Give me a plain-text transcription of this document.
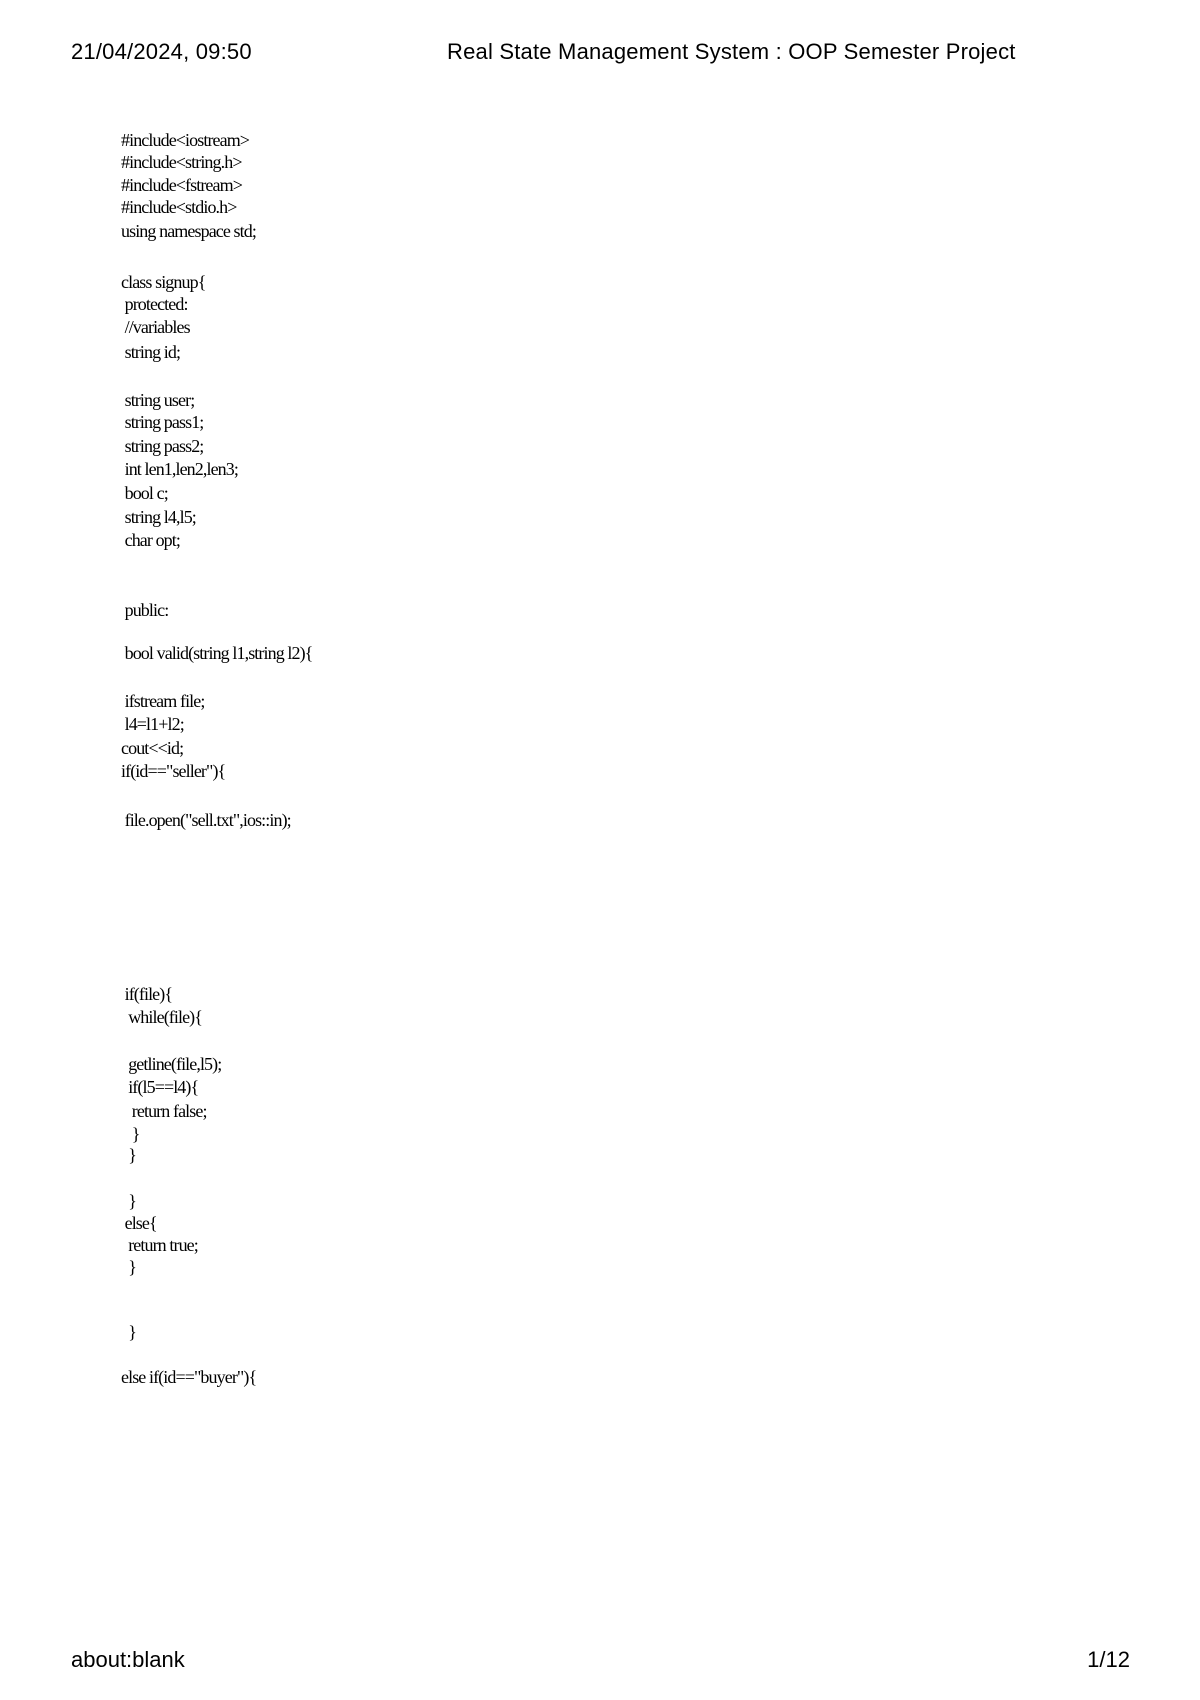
21/04/2024, 09:50	Real State Management System : OOP Semester Project
#include<iostream>
#include<string.h>
#include<fstream>
#include<stdio.h>
using namespace std;
class signup{
protected:
//variables
string id;
string user;
string pass1;
string pass2;
int len1,len2,len3;
bool c;
string l4,l5;
char opt;
public:
bool valid(string l1,string l2){
ifstream file;
l4=l1+l2;
cout<<id;
if(id=="seller"){
file.open("sell.txt",ios::in);
if(file){
while(file){
getline(file,l5);
if(l5==l4){
return false;
}
}
}
else{
return true;
}
}
else if(id=="buyer"){
about:blank	1/12
